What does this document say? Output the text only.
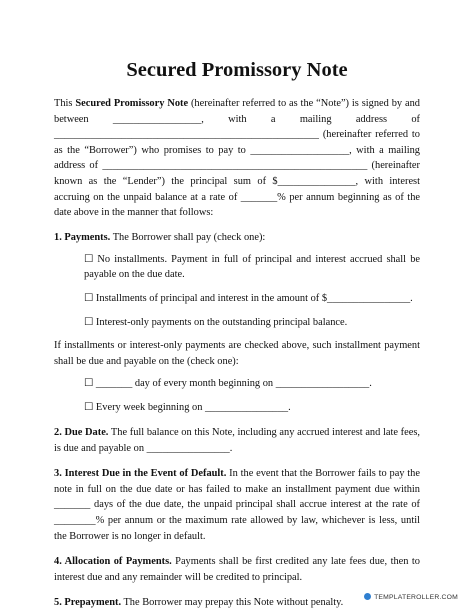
Secured Promissory Note

This Secured Promissory Note (hereinafter referred to as the “Note”) is signed by and between _________________, with a mailing address of ___________________________________________________ (hereinafter referred to as the “Borrower”) who promises to pay to ___________________, with a mailing address of ___________________________________________________ (hereinafter known as the “Lender”) the principal sum of $_______________, with interest accruing on the unpaid balance at a rate of _______% per annum beginning as of the date above in the manner that follows:

1. Payments. The Borrower shall pay (check one):

☐ No installments. Payment in full of principal and interest accrued shall be payable on the due date.

☐ Installments of principal and interest in the amount of $________________.

☐ Interest-only payments on the outstanding principal balance.

If installments or interest-only payments are checked above, such installment payment shall be due and payable on the (check one):

☐ _______ day of every month beginning on __________________.

☐ Every week beginning on ________________.

2. Due Date. The full balance on this Note, including any accrued interest and late fees, is due and payable on ________________.

3. Interest Due in the Event of Default. In the event that the Borrower fails to pay the note in full on the due date or has failed to make an installment payment due within _______ days of the due date, the unpaid principal shall accrue interest at the rate of ________% per annum or the maximum rate allowed by law, whichever is less, until the Borrower is no longer in default.

4. Allocation of Payments. Payments shall be first credited any late fees due, then to interest due and any remainder will be credited to principal.

5. Prepayment. The Borrower may prepay this Note without penalty.	TEMPLATEROLLER.COM
